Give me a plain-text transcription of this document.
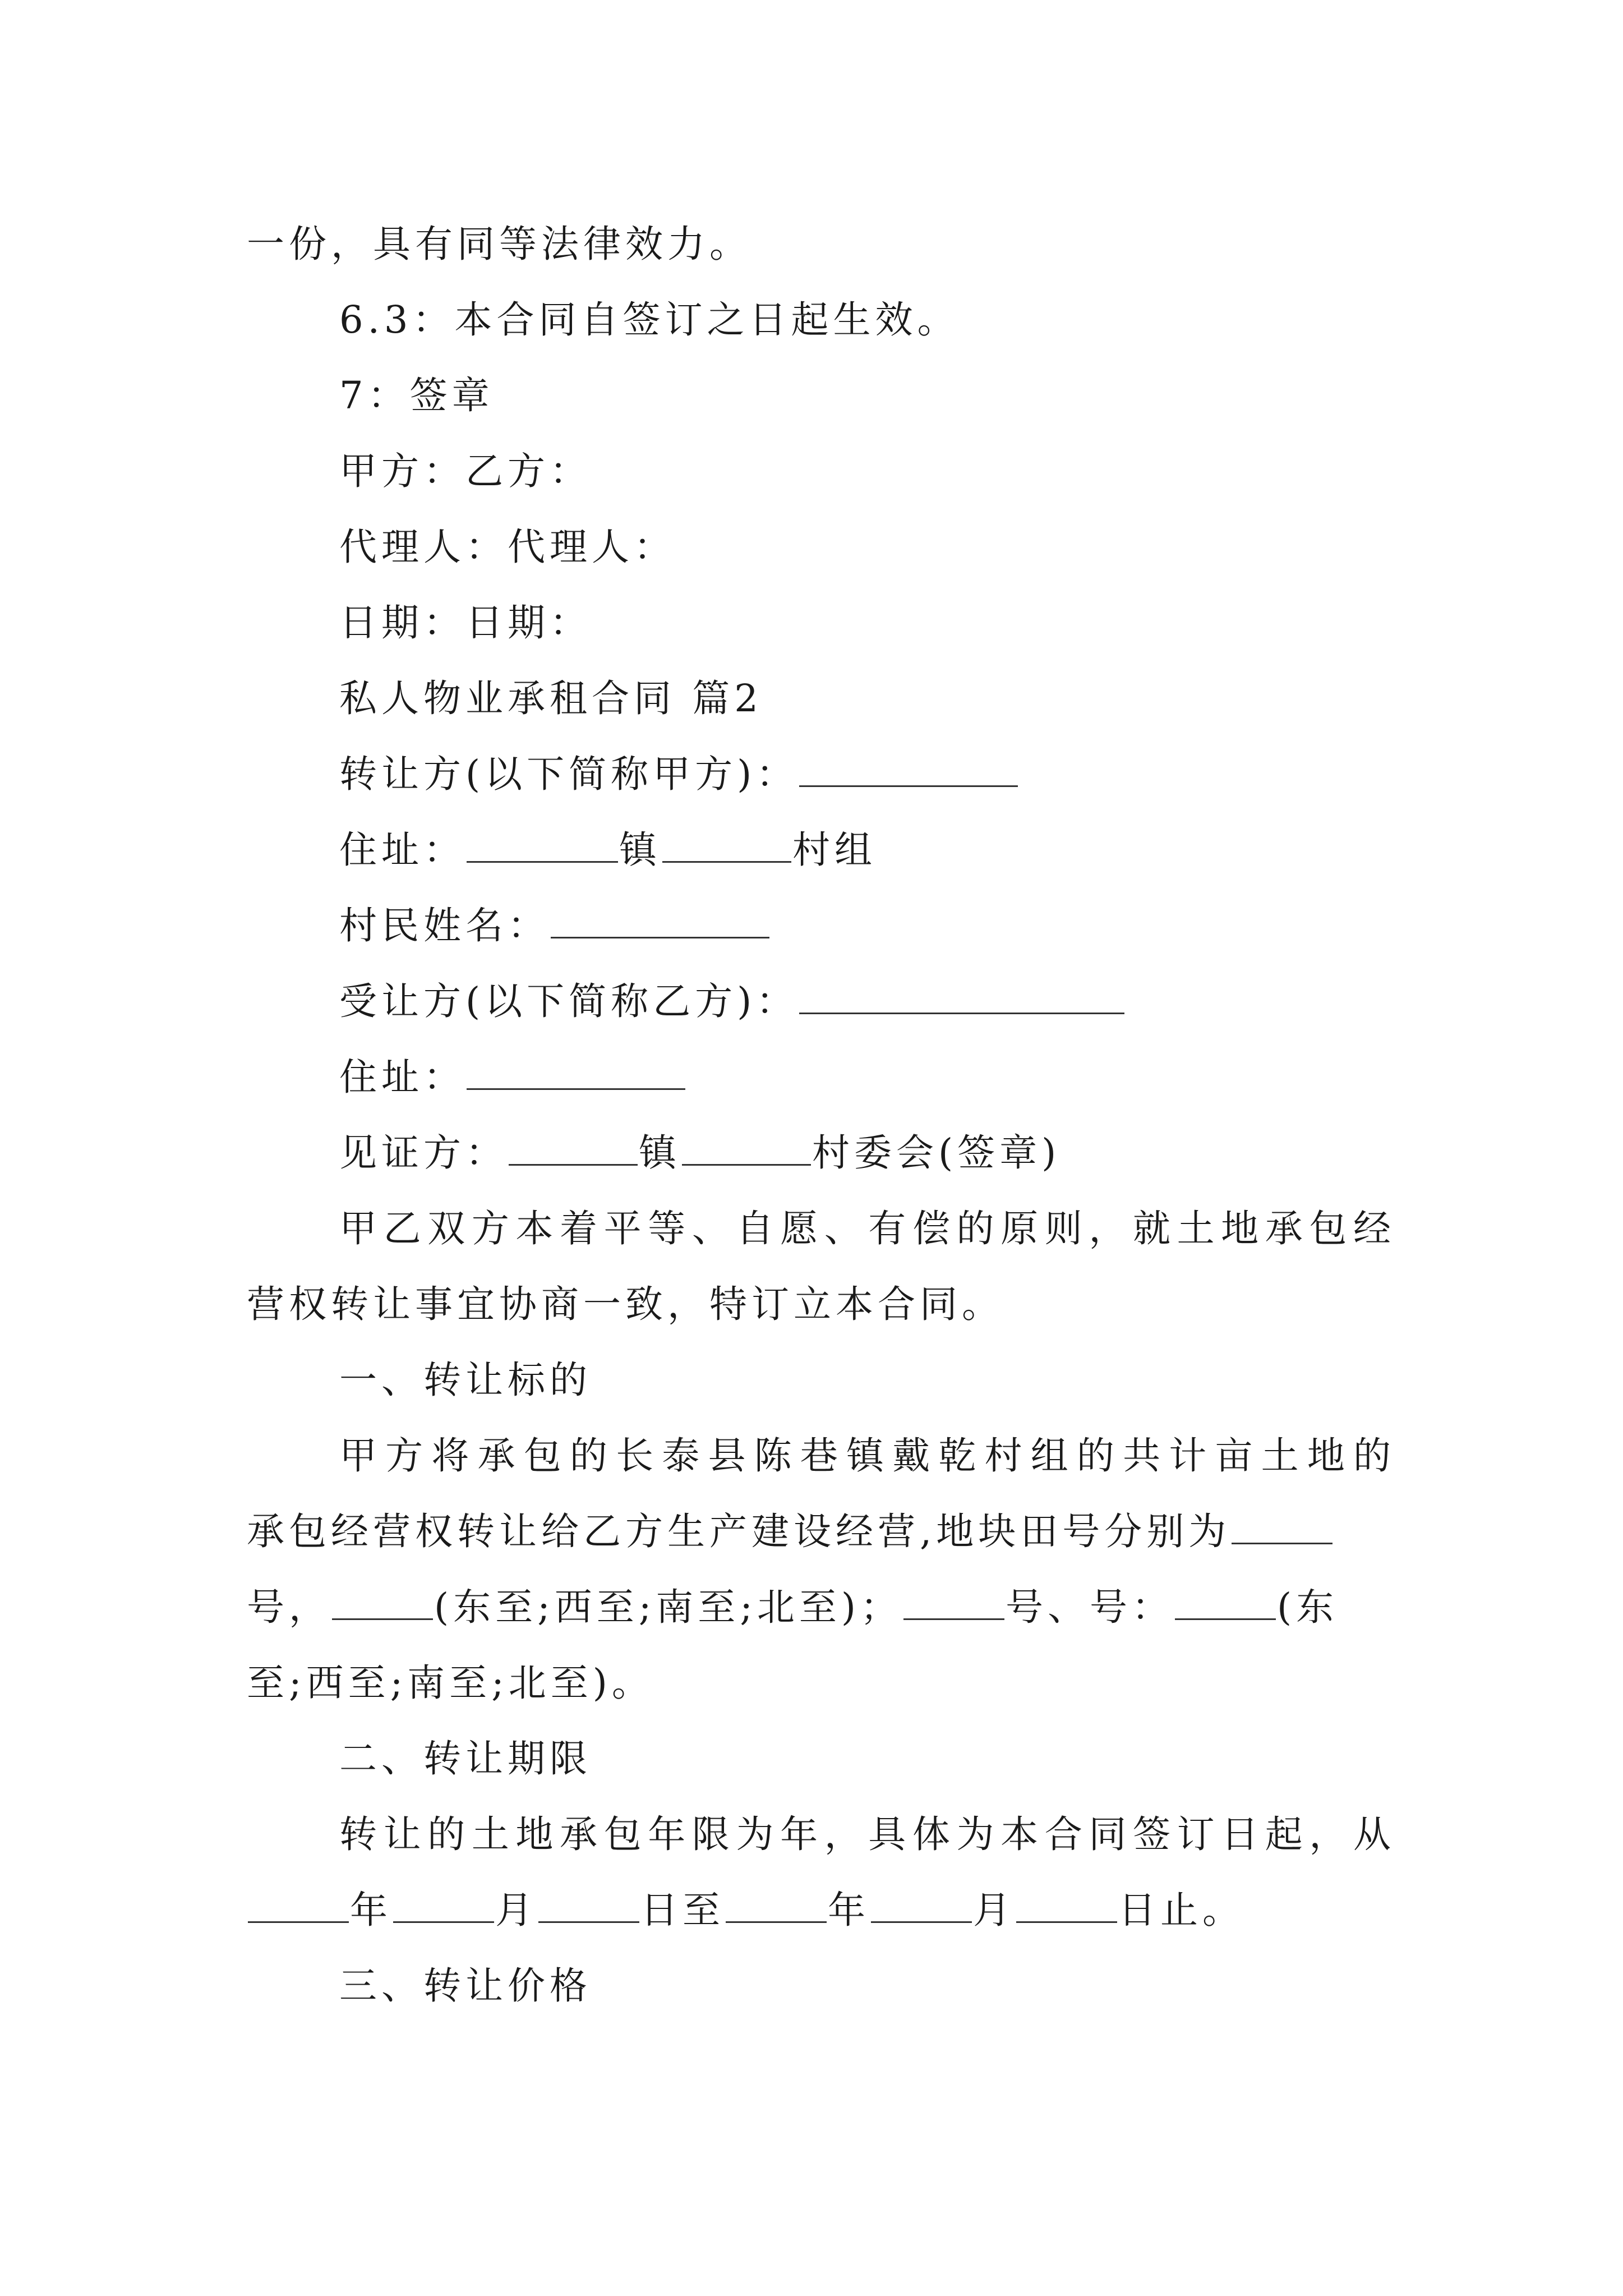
一份，具有同等法律效力。
6.3：本合同自签订之日起生效。
7：签章
甲方：乙方：
代理人：代理人：
日期：日期：
私人物业承租合同 篇2
转让方(以下简称甲方)：
住址：	镇	村组
村民姓名：
受让方(以下简称乙方)：
住址：
见证方：	镇	村委会(签章)
甲乙双方本着平等、自愿、有偿的原则，就土地承包经
营权转让事宜协商一致，特订立本合同。
一、转让标的
甲方将承包的长泰县陈巷镇戴乾村组的共计亩土地的
承包经营权转让给乙方生产建设经营,地块田号分别为
号，	(东至;西至;南至;北至)；	号、号：	(东
至;西至;南至;北至)。
二、转让期限
转让的土地承包年限为年，具体为本合同签订日起，从
年	月	日至	年	月	日止。
三、转让价格
